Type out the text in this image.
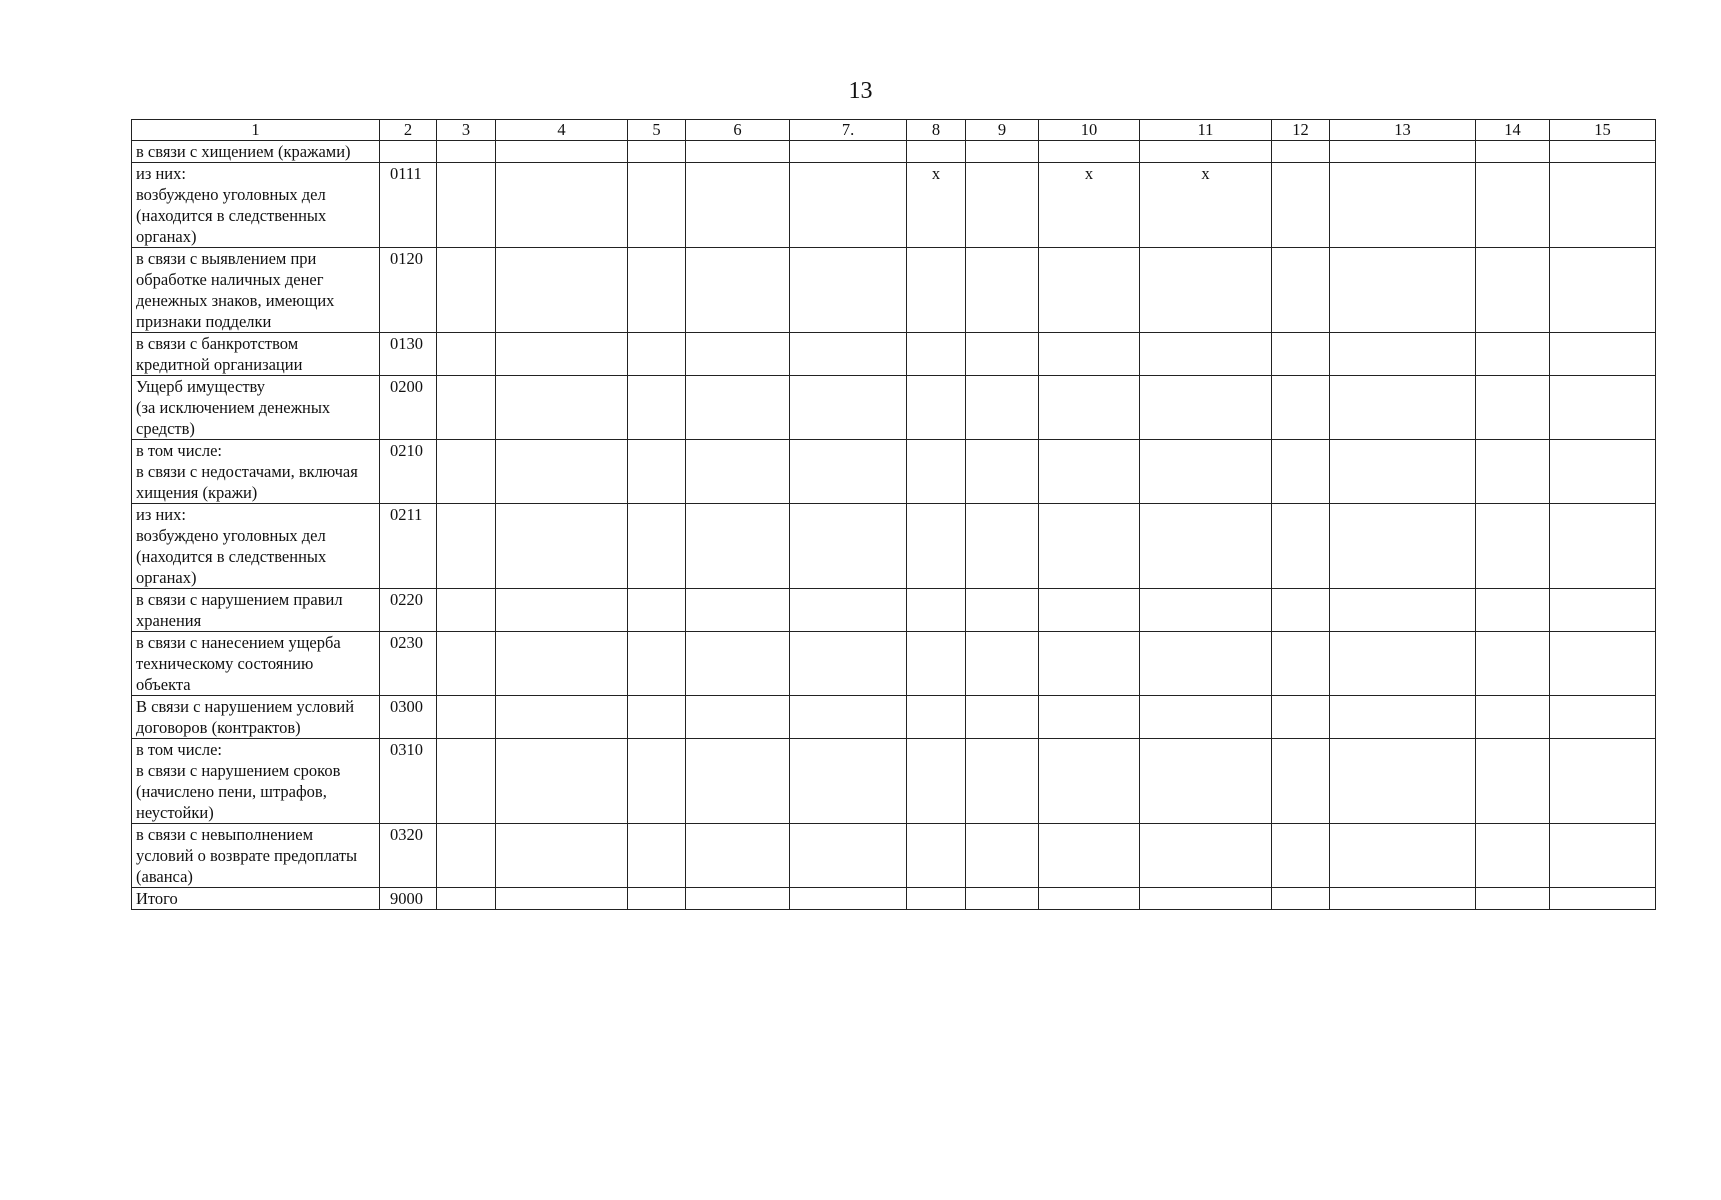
13
1	2	3	4	5	6	7.	8	9	10	11	12	13	14	15
в связи с хищением (кражами)														
из них:
возбуждено уголовных дел
(находится в следственных
органах)	0111						x		x	x				
в связи с выявлением при
обработке наличных денег
денежных знаков, имеющих
признаки подделки	0120													
в связи с банкротством
кредитной организации	0130													
Ущерб имуществу
(за исключением денежных
средств)	0200													
в том числе:
в связи с недостачами, включая
хищения (кражи)	0210													
из них:
возбуждено уголовных дел
(находится в следственных
органах)	0211													
в связи с нарушением правил
хранения	0220													
в связи с нанесением ущерба
техническому состоянию
объекта	0230													
В связи с нарушением условий
договоров (контрактов)	0300													
в том числе:
в связи с нарушением сроков
(начислено пени, штрафов,
неустойки)	0310													
в связи с невыполнением
условий о возврате предоплаты
(аванса)	0320													
Итого	9000													
